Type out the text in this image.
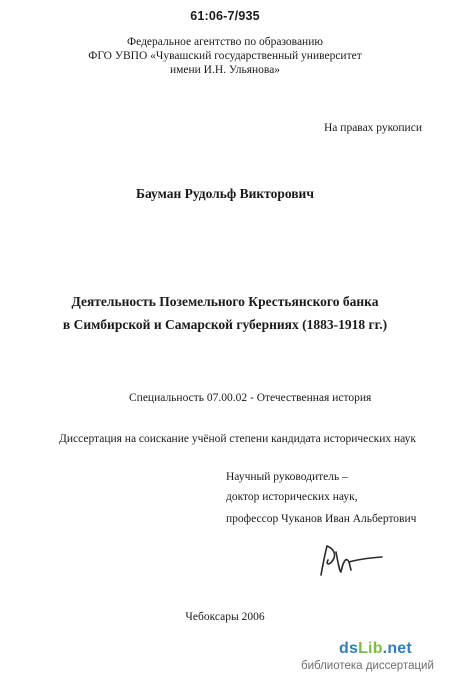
61:06-7/935
Федеральное агентство по образованию
ФГО УВПО «Чувашский государственный университет
имени И.Н. Ульянова»
На правах рукописи
Бауман Рудольф Викторович
Деятельность Поземельного Крестьянского банка
в Симбирской и Самарской губерниях (1883-1918 гг.)
Специальность 07.00.02 - Отечественная история
Диссертация на соискание учёной степени кандидата исторических наук
Научный руководитель –
доктор исторических наук,
профессор Чуканов Иван Альбертович
Чебоксары 2006
dsLib.net
библиотека диссертаций
